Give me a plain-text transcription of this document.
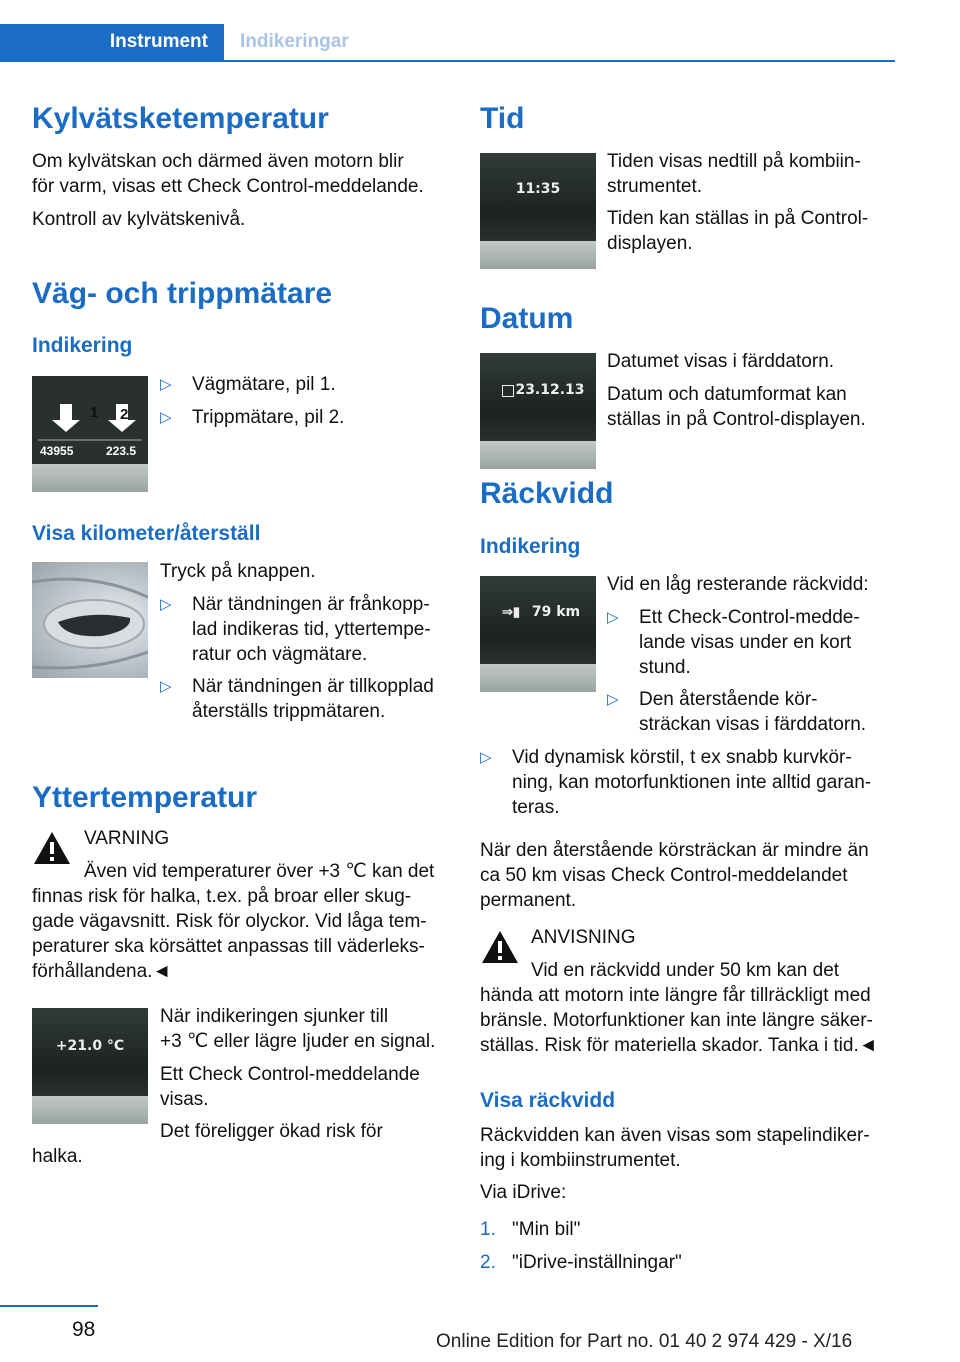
Instrument	Indikeringar
Kylvätsketemperatur
Om kylvätskan och därmed även motorn blir
för varm, visas ett Check Control-meddelande.
Kontroll av kylvätskenivå.
Väg- och trippmätare
Indikering
1 2
43955	223.5
▷ Vägmätare, pil 1.
▷ Trippmätare, pil 2.
Visa kilometer/återställ
Tryck på knappen.
▷ När tändningen är frånkopp-
lad indikeras tid, yttertempe-
ratur och vägmätare.
▷ När tändningen är tillkopplad
återställs trippmätaren.
Yttertemperatur
VARNING
Även vid temperaturer över +3 ℃ kan det
finnas risk för halka, t.ex. på broar eller skug-
gade vägavsnitt. Risk för olyckor. Vid låga tem-
peraturer ska körsättet anpassas till väderleks-
förhållandena.◄
+21.0 °C
När indikeringen sjunker till
+3 ℃ eller lägre ljuder en signal.
Ett Check Control-meddelande
visas.
Det föreligger ökad risk för
halka.
Tid
11:35
Tiden visas nedtill på kombiin-
strumentet.
Tiden kan ställas in på Control-
displayen.
Datum
23.12.13
Datumet visas i färddatorn.
Datum och datumformat kan
ställas in på Control-displayen.
Räckvidd
Indikering
⇒▮ 79 km
Vid en låg resterande räckvidd:
▷ Ett Check-Control-medde-
lande visas under en kort
stund.
▷ Den återstående kör-
sträckan visas i färddatorn.
▷ Vid dynamisk körstil, t ex snabb kurvkör-
ning, kan motorfunktionen inte alltid garan-
teras.
När den återstående körsträckan är mindre än
ca 50 km visas Check Control-meddelandet
permanent.
ANVISNING
Vid en räckvidd under 50 km kan det
hända att motorn inte längre får tillräckligt med
bränsle. Motorfunktioner kan inte längre säker-
ställas. Risk för materiella skador. Tanka i tid.◄
Visa räckvidd
Räckvidden kan även visas som stapelindiker-
ing i kombiinstrumentet.
Via iDrive:
1. "Min bil"
2. "iDrive-inställningar"
98
Online Edition for Part no. 01 40 2 974 429 - X/16
